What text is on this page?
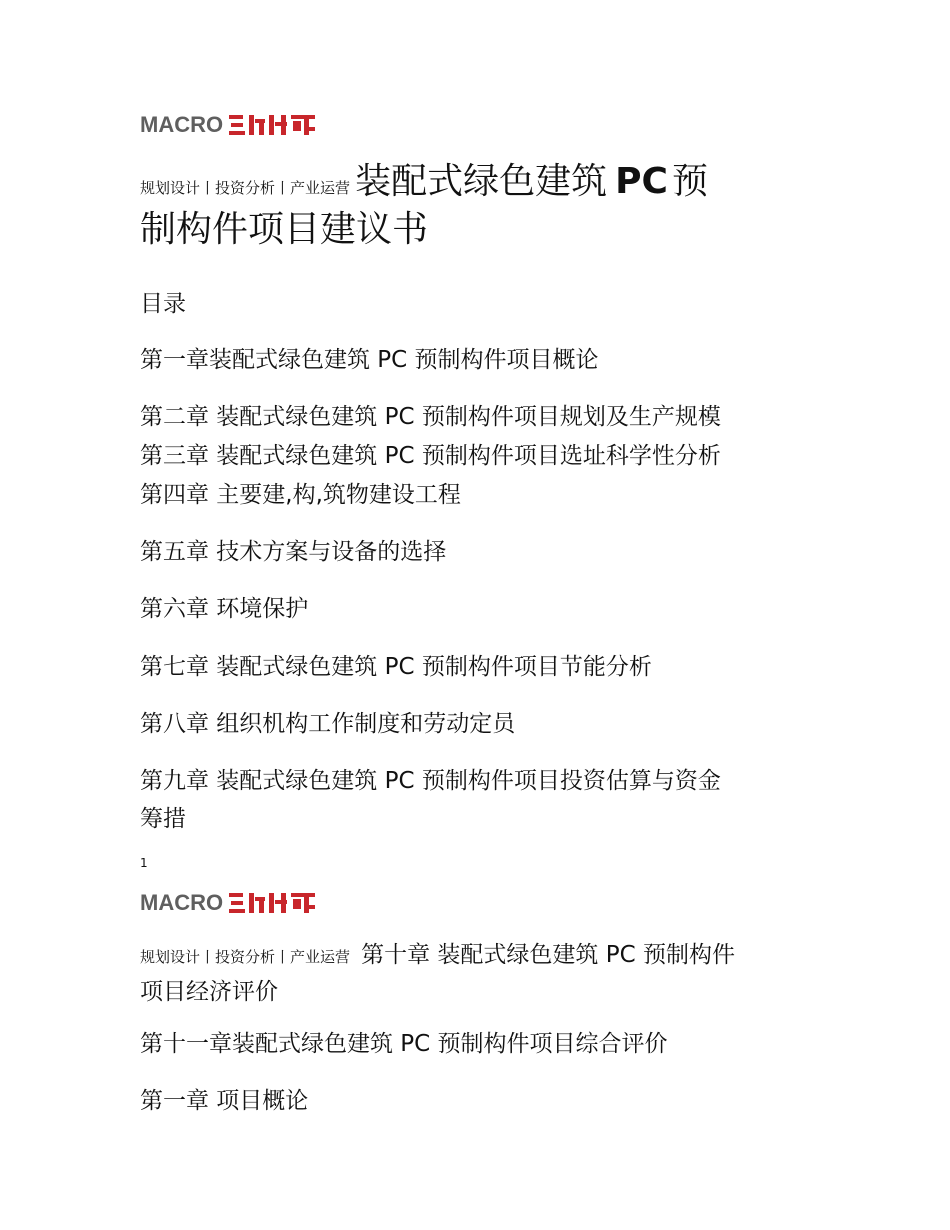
MACRO
规划设计丨投资分析丨产业运营 装配式绿色建筑 PC 预
制构件项目建议书
目录
第一章装配式绿色建筑 PC 预制构件项目概论
第二章 装配式绿色建筑 PC 预制构件项目规划及生产规模
第三章 装配式绿色建筑 PC 预制构件项目选址科学性分析
第四章 主要建,构,筑物建设工程
第五章 技术方案与设备的选择
第六章 环境保护
第七章 装配式绿色建筑 PC 预制构件项目节能分析
第八章 组织机构工作制度和劳动定员
第九章 装配式绿色建筑 PC 预制构件项目投资估算与资金
筹措
1
MACRO
规划设计丨投资分析丨产业运营 第十章 装配式绿色建筑 PC 预制构件
项目经济评价
第十一章装配式绿色建筑 PC 预制构件项目综合评价
第一章 项目概论
